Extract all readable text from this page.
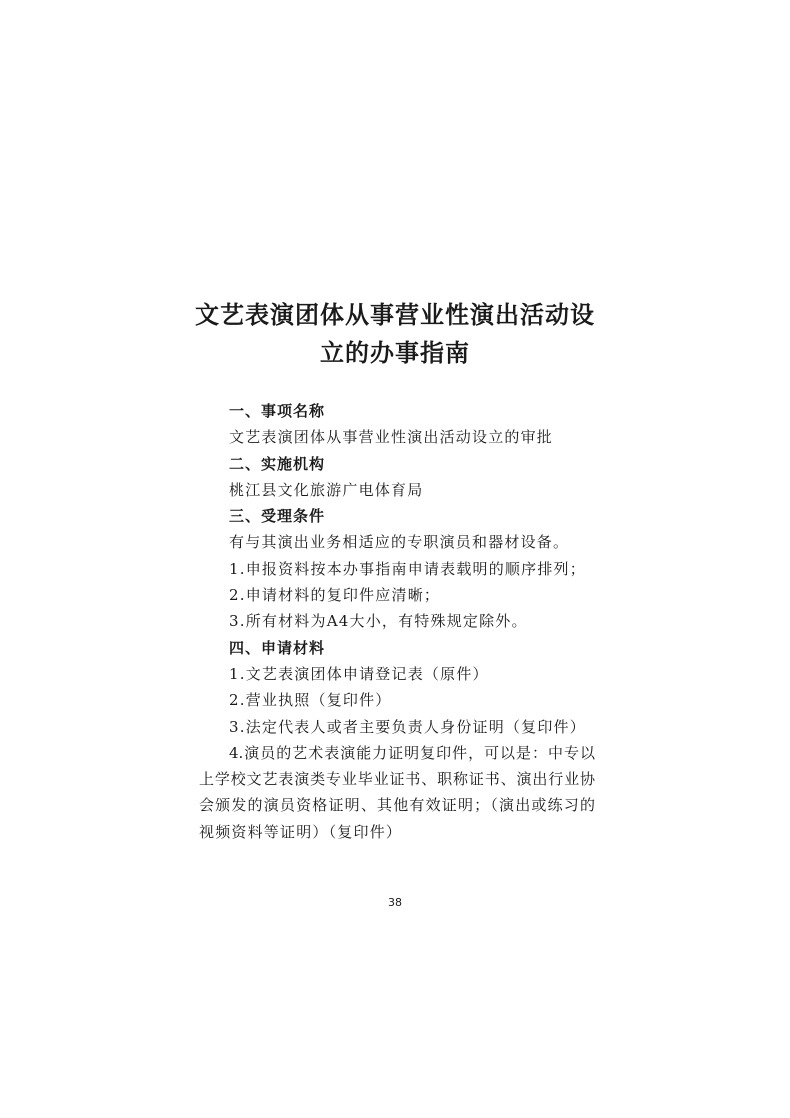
文艺表演团体从事营业性演出活动设
立的办事指南
一、事项名称
文艺表演团体从事营业性演出活动设立的审批
二、实施机构
桃江县文化旅游广电体育局
三、受理条件
有与其演出业务相适应的专职演员和器材设备。
1.申报资料按本办事指南申请表载明的顺序排列；
2.申请材料的复印件应清晰；
3.所有材料为A4大小，有特殊规定除外。
四、申请材料
1.文艺表演团体申请登记表（原件）
2.营业执照（复印件）
3.法定代表人或者主要负责人身份证明（复印件）
4.演员的艺术表演能力证明复印件，可以是：中专以
上学校文艺表演类专业毕业证书、职称证书、演出行业协
会颁发的演员资格证明、其他有效证明；（演出或练习的
视频资料等证明）（复印件）
38
